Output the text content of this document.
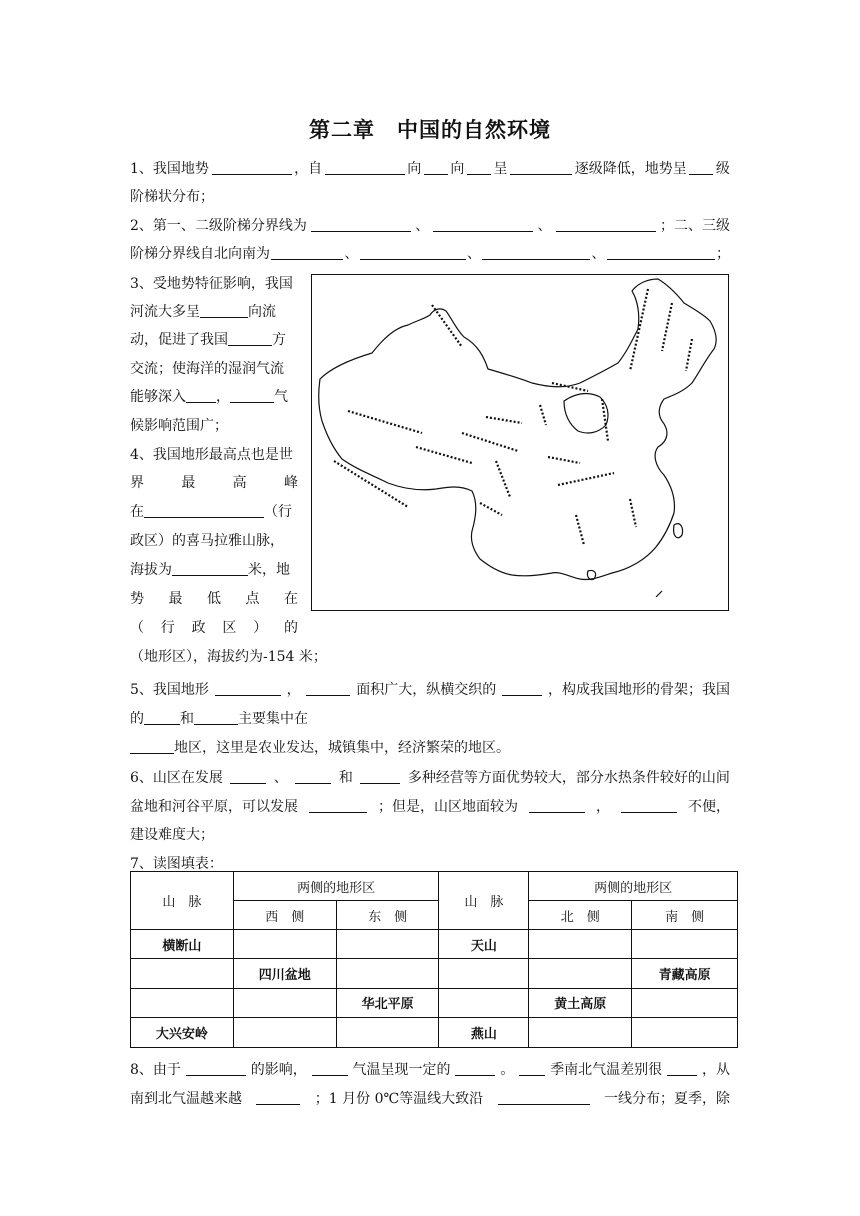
第二章　中国的自然环境
1、我国地势	，自	向 向 呈	逐级降低，地势呈 级
阶梯状分布；
2、第一、二级阶梯分界线为	、	、	；二、三级
阶梯分界线自北向南为	、	、	、	；
3、受地势特征影响，我国
河流大多呈	向流
动，促进了我国	方
交流；使海洋的湿润气流
能够深入 ，	气
候影响范围广；
4、我国地形最高点也是世
界	最	高	峰
在	（行
政区）的喜马拉雅山脉，
海拔为	米，地
势 最 低 点 在
（ 行 政 区 ） 的
（地形区），海拔约为-154 米；
5、我国地形	，	面积广大，纵横交织的	，构成我国地形的骨架；我国
的	和	主要集中在
地区，这里是农业发达，城镇集中，经济繁荣的地区。
6、山区在发展	、	和	多种经营等方面优势较大，部分水热条件较好的山间
盆地和河谷平原，可以发展	；但是，山区地面较为	，	不便，
建设难度大；
7、读图填表：
山　脉	两侧的地形区		山　脉	两侧的地形区	
	西　侧	东　侧		北　侧	南　侧
横断山			天山		
	四川盆地				青藏高原
		华北平原		黄土高原	
大兴安岭			燕山		
8、由于	的影响，	气温呈现一定的	。	季南北气温差别很	，从
南到北气温越来越	；1 月份 0℃等温线大致沿	一线分布；夏季，除
